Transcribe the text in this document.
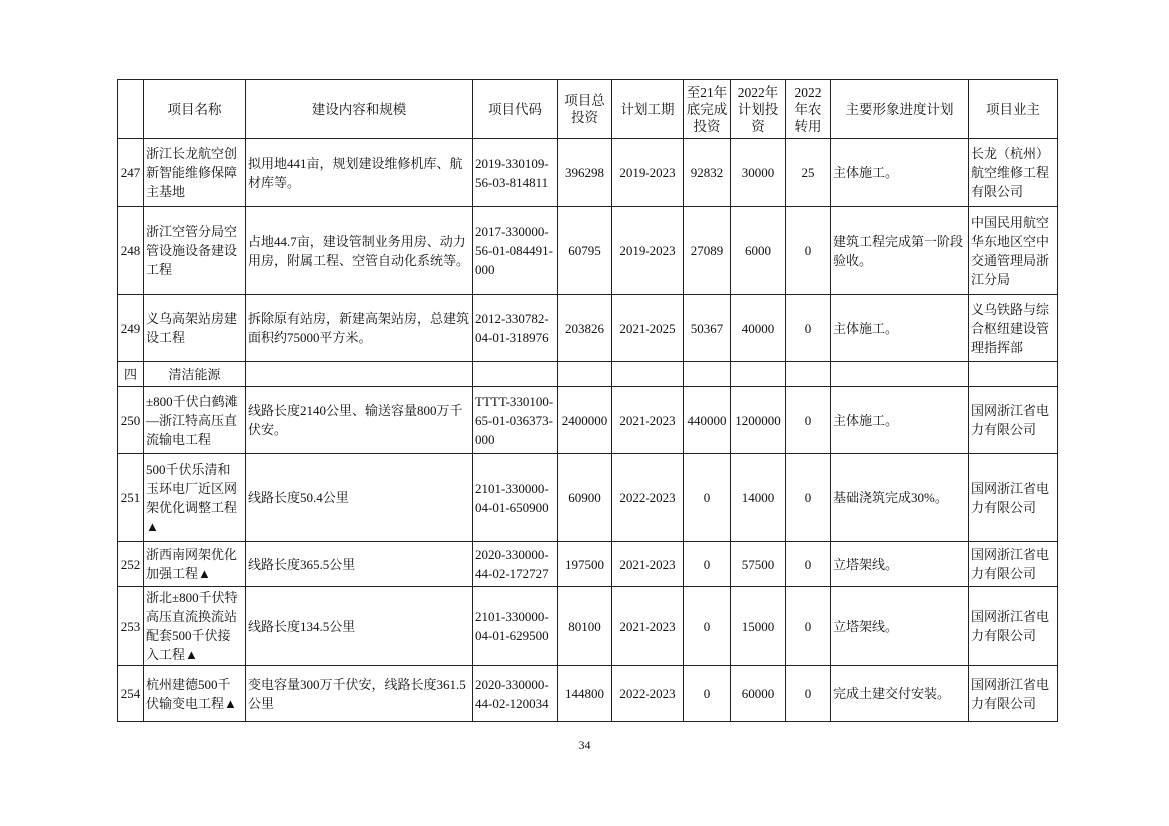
	项目名称	建设内容和规模	项目代码	项目总投资	计划工期	至21年底完成投资	2022年计划投资	2022年农转用	主要形象进度计划	项目业主
247	浙江长龙航空创新智能维修保障主基地	拟用地441亩，规划建设维修机库、航材库等。	2019-330109-56-03-814811	396298	2019-2023	92832	30000	25	主体施工。	长龙（杭州）航空维修工程有限公司
248	浙江空管分局空管设施设备建设工程	占地44.7亩，建设管制业务用房、动力用房，附属工程、空管自动化系统等。	2017-330000-56-01-084491-000	60795	2019-2023	27089	6000	0	建筑工程完成第一阶段验收。	中国民用航空华东地区空中交通管理局浙江分局
249	义乌高架站房建设工程	拆除原有站房，新建高架站房，总建筑面积约75000平方米。	2012-330782-04-01-318976	203826	2021-2025	50367	40000	0	主体施工。	义乌铁路与综合枢纽建设管理指挥部
四	清洁能源									
250	±800千伏白鹤滩—浙江特高压直流输电工程	线路长度2140公里、输送容量800万千伏安。	TTTT-330100-65-01-036373-000	2400000	2021-2023	440000	1200000	0	主体施工。	国网浙江省电力有限公司
251	500千伏乐清和玉环电厂近区网架优化调整工程▲	线路长度50.4公里	2101-330000-04-01-650900	60900	2022-2023	0	14000	0	基础浇筑完成30%。	国网浙江省电力有限公司
252	浙西南网架优化加强工程▲	线路长度365.5公里	2020-330000-44-02-172727	197500	2021-2023	0	57500	0	立塔架线。	国网浙江省电力有限公司
253	浙北±800千伏特高压直流换流站配套500千伏接入工程▲	线路长度134.5公里	2101-330000-04-01-629500	80100	2021-2023	0	15000	0	立塔架线。	国网浙江省电力有限公司
254	杭州建德500千伏输变电工程▲	变电容量300万千伏安，线路长度361.5公里	2020-330000-44-02-120034	144800	2022-2023	0	60000	0	完成土建交付安装。	国网浙江省电力有限公司
34
